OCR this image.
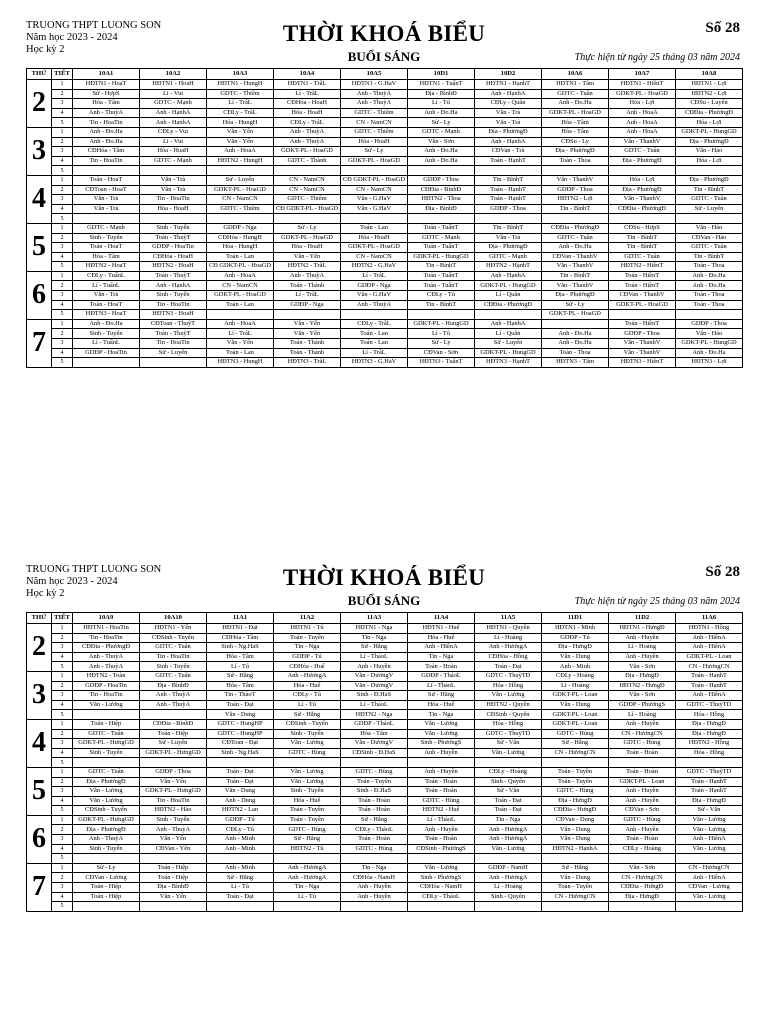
TRUONG THPT LUONG SON
Năm học 2023 - 2024
Học kỳ 2
THỜI KHOÁ BIỂU
BUỔI SÁNG
Số 28
Thực hiện từ ngày 25 tháng 03 năm 2024
THỨ	TIẾT	10A1	10A2	10A3	10A4	10A5	10D1	10D2	10A6	10A7	10A8
2	1	HĐTN1 - HoaT	HĐTN1 - HoaH	HĐTN1 - HungH	HĐTN1 - TrâL	HĐTN1 - G.HaV	HĐTN1 - TuấnT	HĐTN1 - HạnhT	HĐTN1 - Tâm	HĐTN1 - HiềnT	HĐTN1 - Lợi
	2	Sử - HợpS	Lí - Vui	GDTC - Thiêm	Lí - TrâL	Anh - ThuỳA	Địa - BìnhĐ	Anh - HạnhA	GDTC - Tuân	GDKT-PL - HoaGD	HĐTN2 - Lợi
	3	Hóa - Tâm	GDTC - Mạnh	Lí - TrâL	CĐHóa - HoaH	Anh - ThuỳA	Lí - Tú	CĐLy - Quân	Anh - Đo.Ha	Hóa - Lợi	CĐSu - Luyến
	4	Anh - ThuỳA	Anh - HạnhA	CĐLy - TrâL	Hóa - HoaH	GDTC - Thiêm	Anh - Đo.Ha	Văn - Trà	GDKT-PL - HoaGD	Anh - HoaA	CĐĐia - PhươngĐ
	5	Tin - HoaTin	Anh - HạnhA	Hóa - HungH	CĐLy - TrâL	CN - NamCN	Sử - Ly	Văn - Trà	Hóa - Tâm	Anh - HoaA	Hóa - Lợi
3	1	Anh - Đo.Ha	CĐLy - Vui	Văn - Yến	Anh - ThuỳA	GDTC - Thiêm	GDTC - Mạnh	Địa - PhươngĐ	Hóa - Tâm	Anh - HoaA	GDKT-PL - HungGD
	2	Anh - Đo.Ha	Lí - Vui	Văn - Yến	Anh - ThuỳA	Hóa - HoaH	Văn - Sơn	Anh - HạnhA	CĐSu - Ly	Văn - ThanhV	Địa - PhươngĐ
	3	CĐHóa - Tâm	Hóa - HoaH	Anh - HoaA	GDKT-PL - HoaGD	Sử - Ly	Anh - Đo.Ha	CĐVan - Trà	Địa - PhươngĐ	GDTC - Tuân	Văn - Hảo
	4	Tin - HoaTin	GDTC - Mạnh	HĐTN2 - HungH	GDTC - Thành	GDKT-PL - HoaGD	Anh - Đo.Ha	Toán - HạnhT	Toán - Thoa	Địa - PhươngĐ	Hóa - Lợi
	5										
4	1	Toán - HoaT	Văn - Trà	Sử - Luyến	CN - NamCN	CĐ GDKT-PL - HoaGD	GDĐP - Thoa	Tin - BìnhT	Văn - ThanhV	Hóa - Lợi	Địa - PhươngĐ
	2	CĐToan - HoaT	Văn - Trà	GDKT-PL - HoaGD	CN - NamCN	CN - NamCN	CĐĐia - BìnhĐ	Toán - HạnhT	GDĐP - Thoa	Địa - PhươngĐ	Tin - BìnhT
	3	Văn - Trà	Tin - HoaTin	CN - NamCN	GDTC - Thiêm	Văn - G.HaV	HĐTN2 - Thoa	Toán - HạnhT	HĐTN2 - Lợi	Văn - ThanhV	GDTC - Tuân
	4	Văn - Trà	Hóa - HoaH	GDTC - Thiêm	CĐ GDKT-PL - HoaGD	Văn - G.HaV	Địa - BìnhĐ	GDĐP - Thoa	Tin - BìnhT	CĐĐia - PhươngĐ	Sử - Luyến
	5										
5	1	GDTC - Mạnh	Sinh - Tuyến	GDĐP - Nga	Sử - Ly	Toán - Lan	Toán - TuấnT	Tin - BìnhT	CĐĐia - PhươngĐ	CĐSu - HợpS	Văn - Hảo
	2	Sinh - Tuyến	Toán - ThuỳT	CĐHóa - HungH	GDKT-PL - HoaGD	Hóa - HoaH	GDTC - Mạnh	Văn - Trà	GDTC - Tuân	Tin - BìnhT	CĐVan - Hảo
	3	Toán - HoaT	GDĐP - HoaTin	Hóa - HungH	Hóa - HoaH	GDKT-PL - HoaGD	Toán - TuấnT	Địa - PhươngĐ	Anh - Đo.Ha	Tin - BìnhT	GDTC - Tuân
	4	Hóa - Tâm	CĐHóa - HoaH	Toán - Lan	Văn - Yến	CN - NamCN	GDKT-PL - HungGD	GDTC - Mạnh	CĐVan - ThanhV	GDTC - Tuân	Tin - BìnhT
	5	HĐTN2 - HoaT	HĐTN2 - HoaH	CĐ GDKT-PL - HoaGD	HĐTN2 - TrâL	HĐTN2 - G.HaV	Tin - BìnhT	HĐTN2 - HạnhT	Văn - ThanhV	HĐTN2 - HiềnT	Toán - Thoa
6	1	CĐLy - TuấnL	Toán - ThuỳT	Anh - HoaA	Anh - ThuỳA	Lí - TrâL	Toán - TuấnT	Anh - HạnhA	Tin - BìnhT	Toán - HiềnT	Anh - Đo.Ha
	2	Lí - TuấnL	Anh - HạnhA	CN - NamCN	Toán - Thành	GDĐP - Nga	Toán - TuấnT	GDKT-PL - HungGD	Văn - ThanhV	Toán - HiềnT	Anh - Đo.Ha
	3	Văn - Trà	Sinh - Tuyến	GDKT-PL - HoaGD	Lí - TrâL	Văn - G.HaV	CĐLy - Tú	Lí - Quân	Địa - PhươngĐ	CĐVan - ThanhV	Toán - Thoa
	4	Toán - HoaT	Tin - HoaTin	Toán - Lan	GDĐP - Nga	Anh - ThuỳA	Tin - BìnhT	CĐĐia - PhươngĐ	Sử - Ly	GDKT-PL - HoaGD	Toán - Thoa
	5	HĐTN3 - HoaT	HĐTN3 - HoaH						GDKT-PL - HoaGD		
7	1	Anh - Đo.Ha	CĐToan - ThuỳT	Anh - HoaA	Văn - Yến	CĐLy - TrâL	GDKT-PL - HungGD	Anh - HạnhA		Toán - HiềnT	GDĐP - Thoa
	2	Sinh - Tuyến	Toán - ThuỳT	Lí - TrâL	Văn - Yến	Toán - Lan	Lí - Tú	Lí - Quân	Anh - Đo.Ha	GDĐP - Thoa	Văn - Hảo
	3	Lí - TuấnL	Tin - HoaTin	Văn - Yến	Toán - Thành	Toán - Lan	Sử - Ly	Sử - Luyến	Anh - Đo.Ha	Văn - ThanhV	GDKT-PL - HungGD
	4	GDĐP - HoaTin	Sử - Luyến	Toán - Lan	Toán - Thành	Lí - TrâL	CĐVan - Sơn	GDKT-PL - HungGD	Toán - Thoa	Văn - ThanhV	Anh - Đo.Ha
	5			HĐTN3 - HungH	HĐTN3 - TrâL	HĐTN3 - G.HaV	HĐTN3 - TuấnT	HĐTN3 - HạnhT	HĐTN3 - Tâm	HĐTN3 - HiềnT	HĐTN3 - Lợi
TRUONG THPT LUONG SON
Năm học 2023 - 2024
Học kỳ 2
THỜI KHOÁ BIỂU
BUỔI SÁNG
Số 28
Thực hiện từ ngày 25 tháng 03 năm 2024
THỨ	TIẾT	10A9	10A10	11A1	11A2	11A3	11A4	11A5	11D1	11D2	11A6
2	1	HĐTN1 - HoaTin	HĐTN1 - Yến	HĐTN1 - Đạt	HĐTN1 - Tú	HĐTN1 - Nga	HĐTN1 - Huế	HĐTN1 - Quyên	HĐTN1 - Minh	HĐTN1 - HưngĐ	HĐTN1 - Hồng
	2	Tin - HoaTin	CĐSinh - Tuyến	CĐHóa - Tâm	Toán - Tuyền	Tin - Nga	Hóa - Huế	Lí - Hoàng	GDĐP - Tú	Anh - Huyền	Anh - HiềnA
	3	CĐĐia - PhươngĐ	GDTC - Tuân	Sinh - Ng.HaS	Tin - Nga	Sử - Hằng	Anh - HiềnA	Anh - HươngA	Địa - HưngĐ	Lí - Hoàng	Anh - HiềnA
	4	Anh - ThuỳA	Tin - HoaTin	Hóa - Tâm	GDĐP - Tú	Lí - ThảoL	Tin - Nga	CĐHóa - Hồng	Văn - Dung	Anh - Huyền	GDKT-PL - Loan
	5	Anh - ThuỳA	Sinh - Tuyến	Lí - Tú	CĐHóa - Huế	Anh - Huyền	Toán - Hoàn	Toán - Đạt	Anh - Minh	Văn - Sơn	CN - HươngCN
3	1	HĐTN2 - Toàn	GDTC - Tuân	Sử - Hằng	Anh - HươngA	Văn - DươngV	GDĐP - ThảoL	GDTC - ThuỳTD	CĐLy - Hoàng	Địa - HưngĐ	Toán - HạnhT
	2	GDĐP - HoaTin	Địa - BìnhĐ	Hóa - Tâm	Hóa - Huế	Văn - DươngV	Lí - ThảoL	Hóa - Hồng	Lí - Hoàng	HĐTN2 - HưngĐ	Toán - HạnhT
	3	Tin - HoaTin	Anh - ThuỳA	Tin - ThảoT	CĐLy - Tú	Sinh - Đ.HaS	Sử - Hằng	Văn - Lương	GDKT-PL - Loan	Văn - Sơn	Anh - HiềnA
	4	Văn - Lương	Anh - ThuỳA	Toán - Đạt	Lí - Tú	Lí - ThảoL	Hóa - Huế	HĐTN2 - Quyên	Văn - Dung	GDĐP - PhươngS	GDTC - ThuỳTD
	5			Văn - Dung	Sử - Hằng	HĐTN2 - Nga	Tin - Nga	CĐSinh - Quyên	GDKT-PL - Loan	Lí - Hoàng	Hóa - Hồng
4	1	Toán - Hiệp	CĐĐia - BìnhĐ	GDTC - HungHP	CĐSinh - Tuyến	GDĐP - ThảoL	Văn - Lương	Hóa - Hồng	GDKT-PL - Loan	Anh - Huyền	Địa - HưngĐ
	2	GDTC - Tuân	Toán - Hiệp	GDTC - HungHP	Sinh - Tuyến	Hóa - Tâm	Văn - Lương	GDTC - ThuỳTD	GDTC - Hùng	CN - HươngCN	Địa - HưngĐ
	3	GDKT-PL - HưngGD	Sử - Luyến	CĐToan - Đạt	Văn - Lương	Văn - DươngV	Sinh - PhươngS	Sử - Văn	Sử - Hằng	GDTC - Hùng	HĐTN2 - Hồng
	4	Sinh - Tuyến	GDKT-PL - HưngGD	Sinh - Ng.HaS	GDTC - Hùng	CĐSinh - Đ.HaS	Anh - Huyền	Văn - Lương	CN - HươngCN	Toán - Hoàn	Hóa - Hồng
	5										
5	1	GDTC - Tuân	GDĐP - Thoa	Toán - Đạt	Văn - Lương	GDTC - Hùng	Anh - Huyền	CĐLy - Hoàng	Toán - Tuyền	Toán - Hoàn	GDTC - ThuỳTD
	2	Địa - PhươngĐ	Văn - Yến	Toán - Đạt	Văn - Lương	Toán - Tuyền	Toán - Hoàn	Sinh - Quyên	Toán - Tuyền	GDKT-PL - Loan	Toán - HạnhT
	3	Văn - Lương	GDKT-PL - HưngGD	Văn - Dung	Sinh - Tuyến	Sinh - Đ.HaS	Toán - Hoàn	Sử - Văn	GDTC - Hùng	Anh - Huyền	Toán - HạnhT
	4	Văn - Lương	Tin - HoaTin	Anh - Dung	Hóa - Huế	Toán - Hoàn	GDTC - Hùng	Toán - Đạt	Địa - HưngĐ	Anh - Huyền	Địa - HưngĐ
	5	CĐSinh - Tuyến	HĐTN2 - Hảo	HĐTN2 - Lan	Toán - Tuyền	Toán - Hoàn	HĐTN2 - Huế	Toán - Đạt	CĐĐia - HưngĐ	CĐVan - Sơn	Sử - Văn
6	1	GDKT-PL - HưngGD	Sinh - Tuyến	GDĐP - Tú	Toán - Tuyền	Sử - Hằng	Lí - ThảoL	Tin - Nga	CĐVan - Dung	GDTC - Hùng	Văn - Lương
	2	Địa - PhươngĐ	Anh - ThuỳA	CĐLy - Tú	GDTC - Hùng	CĐLy - ThảoL	Anh - Huyền	Anh - HươngA	Văn - Dung	Anh - Huyền	Văn - Lương
	3	Anh - ThuỳA	Văn - Yến	Anh - Minh	Sử - Hằng	Toán - Hoàn	Toán - Hoàn	Anh - HươngA	Văn - Dung	Toán - Hoàn	Anh - HiềnA
	4	Sinh - Tuyến	CĐVan - Yến	Anh - Minh	HĐTN2 - Tú	GDTC - Hùng	CĐSinh - PhươngS	Văn - Lương	HĐTN2 - HạnhA	CĐLy - Hoàng	Văn - Lương
	5										
7	1	Sử - Ly	Toán - Hiệp	Anh - Minh	Anh - HươngA	Tin - Nga	Văn - Lương	GDĐP - NamH	Sử - Hằng	Văn - Sơn	CN - HươngCN
	2	CĐVan - Lương	Toán - Hiệp	Sử - Hằng	Anh - HươngA	CĐHóa - NamH	Sinh - PhươngS	Anh - HươngA	Văn - Dung	CN - HươngCN	Anh - HiềnA
	3	Toán - Hiệp	Địa - BìnhĐ	Lí - Tú	Tin - Nga	Anh - Huyền	CĐHóa - NamH	Lí - Hoàng	Toán - Tuyền	CĐĐia - HưngĐ	CĐVan - Lương
	4	Toán - Hiệp	Văn - Yến	Toán - Đạt	Lí - Tú	Anh - Huyền	CĐLy - ThảoL	Sinh - Quyên	CN - HươngCN	Địa - HưngĐ	Văn - Lương
	5										
